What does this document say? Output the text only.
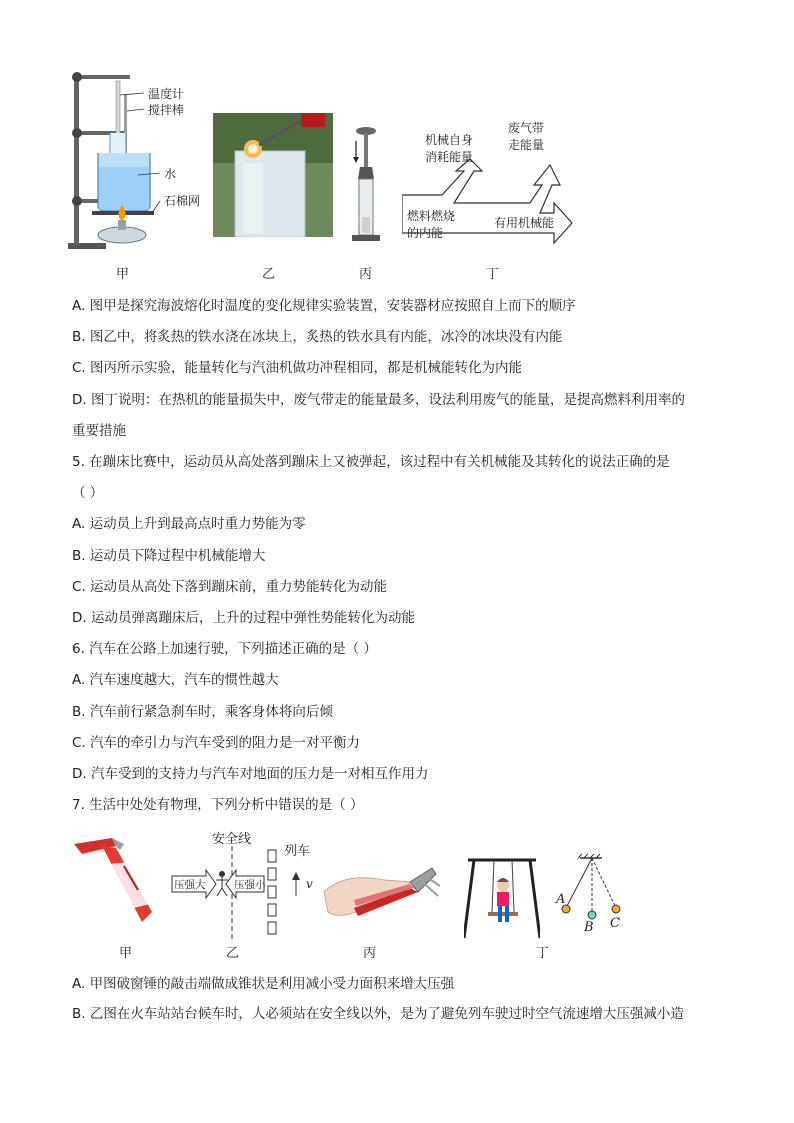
温度计
搅拌棒
水
石棉网
机械自身
消耗能量
废气带
走能量
燃料燃烧
的内能
有用机械能
甲	乙	丙	丁
A. 图甲是探究海波熔化时温度的变化规律实验装置，安装器材应按照自上而下的顺序
B. 图乙中，将炙热的铁水浇在冰块上，炙热的铁水具有内能，冰冷的冰块没有内能
C. 图丙所示实验，能量转化与汽油机做功冲程相同，都是机械能转化为内能
D. 图丁说明：在热机的能量损失中，废气带走的能量最多，设法利用废气的能量，是提高燃料利用率的
重要措施
5. 在蹦床比赛中，运动员从高处落到蹦床上又被弹起，该过程中有关机械能及其转化的说法正确的是
（ ）
A. 运动员上升到最高点时重力势能为零
B. 运动员下降过程中机械能增大
C. 运动员从高处下落到蹦床前，重力势能转化为动能
D. 运动员弹离蹦床后，上升的过程中弹性势能转化为动能
6. 汽车在公路上加速行驶，下列描述正确的是（ ）
A. 汽车速度越大，汽车的惯性越大
B. 汽车前行紧急刹车时，乘客身体将向后倾
C. 汽车的牵引力与汽车受到的阻力是一对平衡力
D. 汽车受到的支持力与汽车对地面的压力是一对相互作用力
7. 生活中处处有物理，下列分析中错误的是（ ）
甲
安全线
列车
压强大	压强小	v
乙	丙	丁
A
B C
A. 甲图破窗锤的敲击端做成锥状是利用减小受力面积来增大压强
B. 乙图在火车站站台候车时，人必须站在安全线以外，是为了避免列车驶过时空气流速增大压强减小造
